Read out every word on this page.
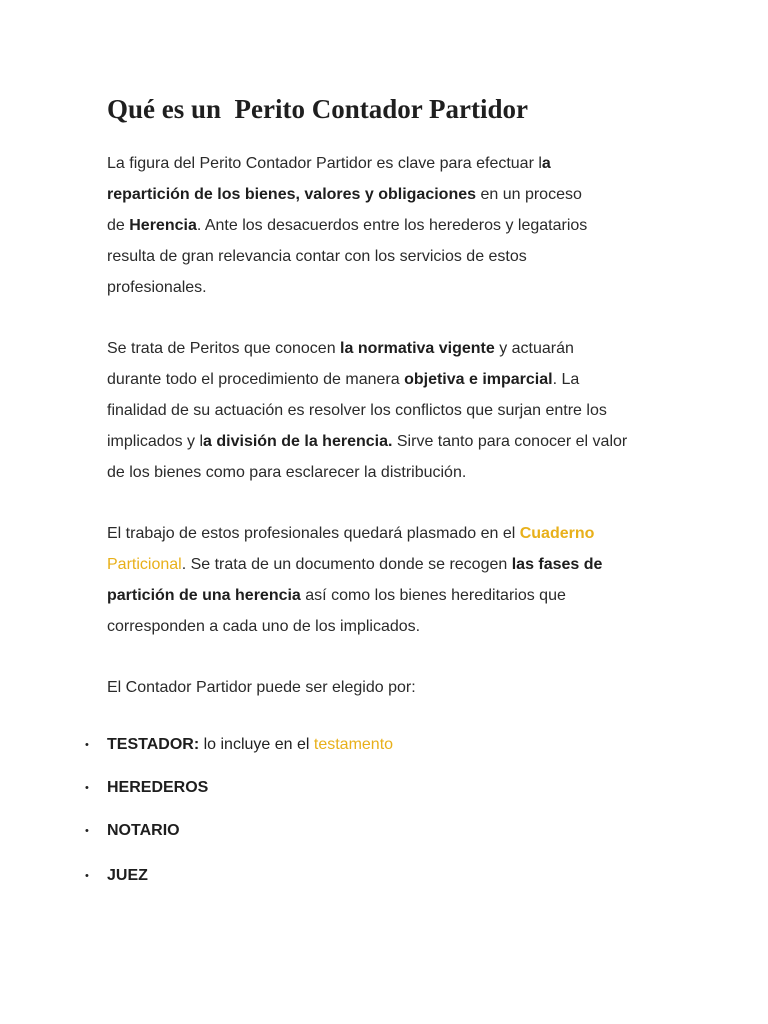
Qué es un  Perito Contador Partidor

La figura del Perito Contador Partidor es clave para efectuar la
repartición de los bienes, valores y obligaciones en un proceso
de Herencia. Ante los desacuerdos entre los herederos y legatarios
resulta de gran relevancia contar con los servicios de estos
profesionales.

Se trata de Peritos que conocen la normativa vigente y actuarán
durante todo el procedimiento de manera objetiva e imparcial. La
finalidad de su actuación es resolver los conflictos que surjan entre los
implicados y la división de la herencia. Sirve tanto para conocer el valor
de los bienes como para esclarecer la distribución.

El trabajo de estos profesionales quedará plasmado en el Cuaderno
Particional. Se trata de un documento donde se recogen las fases de
partición de una herencia así como los bienes hereditarios que
corresponden a cada uno de los implicados.

El Contador Partidor puede ser elegido por:

• TESTADOR: lo incluye en el testamento
• HEREDEROS
• NOTARIO
• JUEZ
